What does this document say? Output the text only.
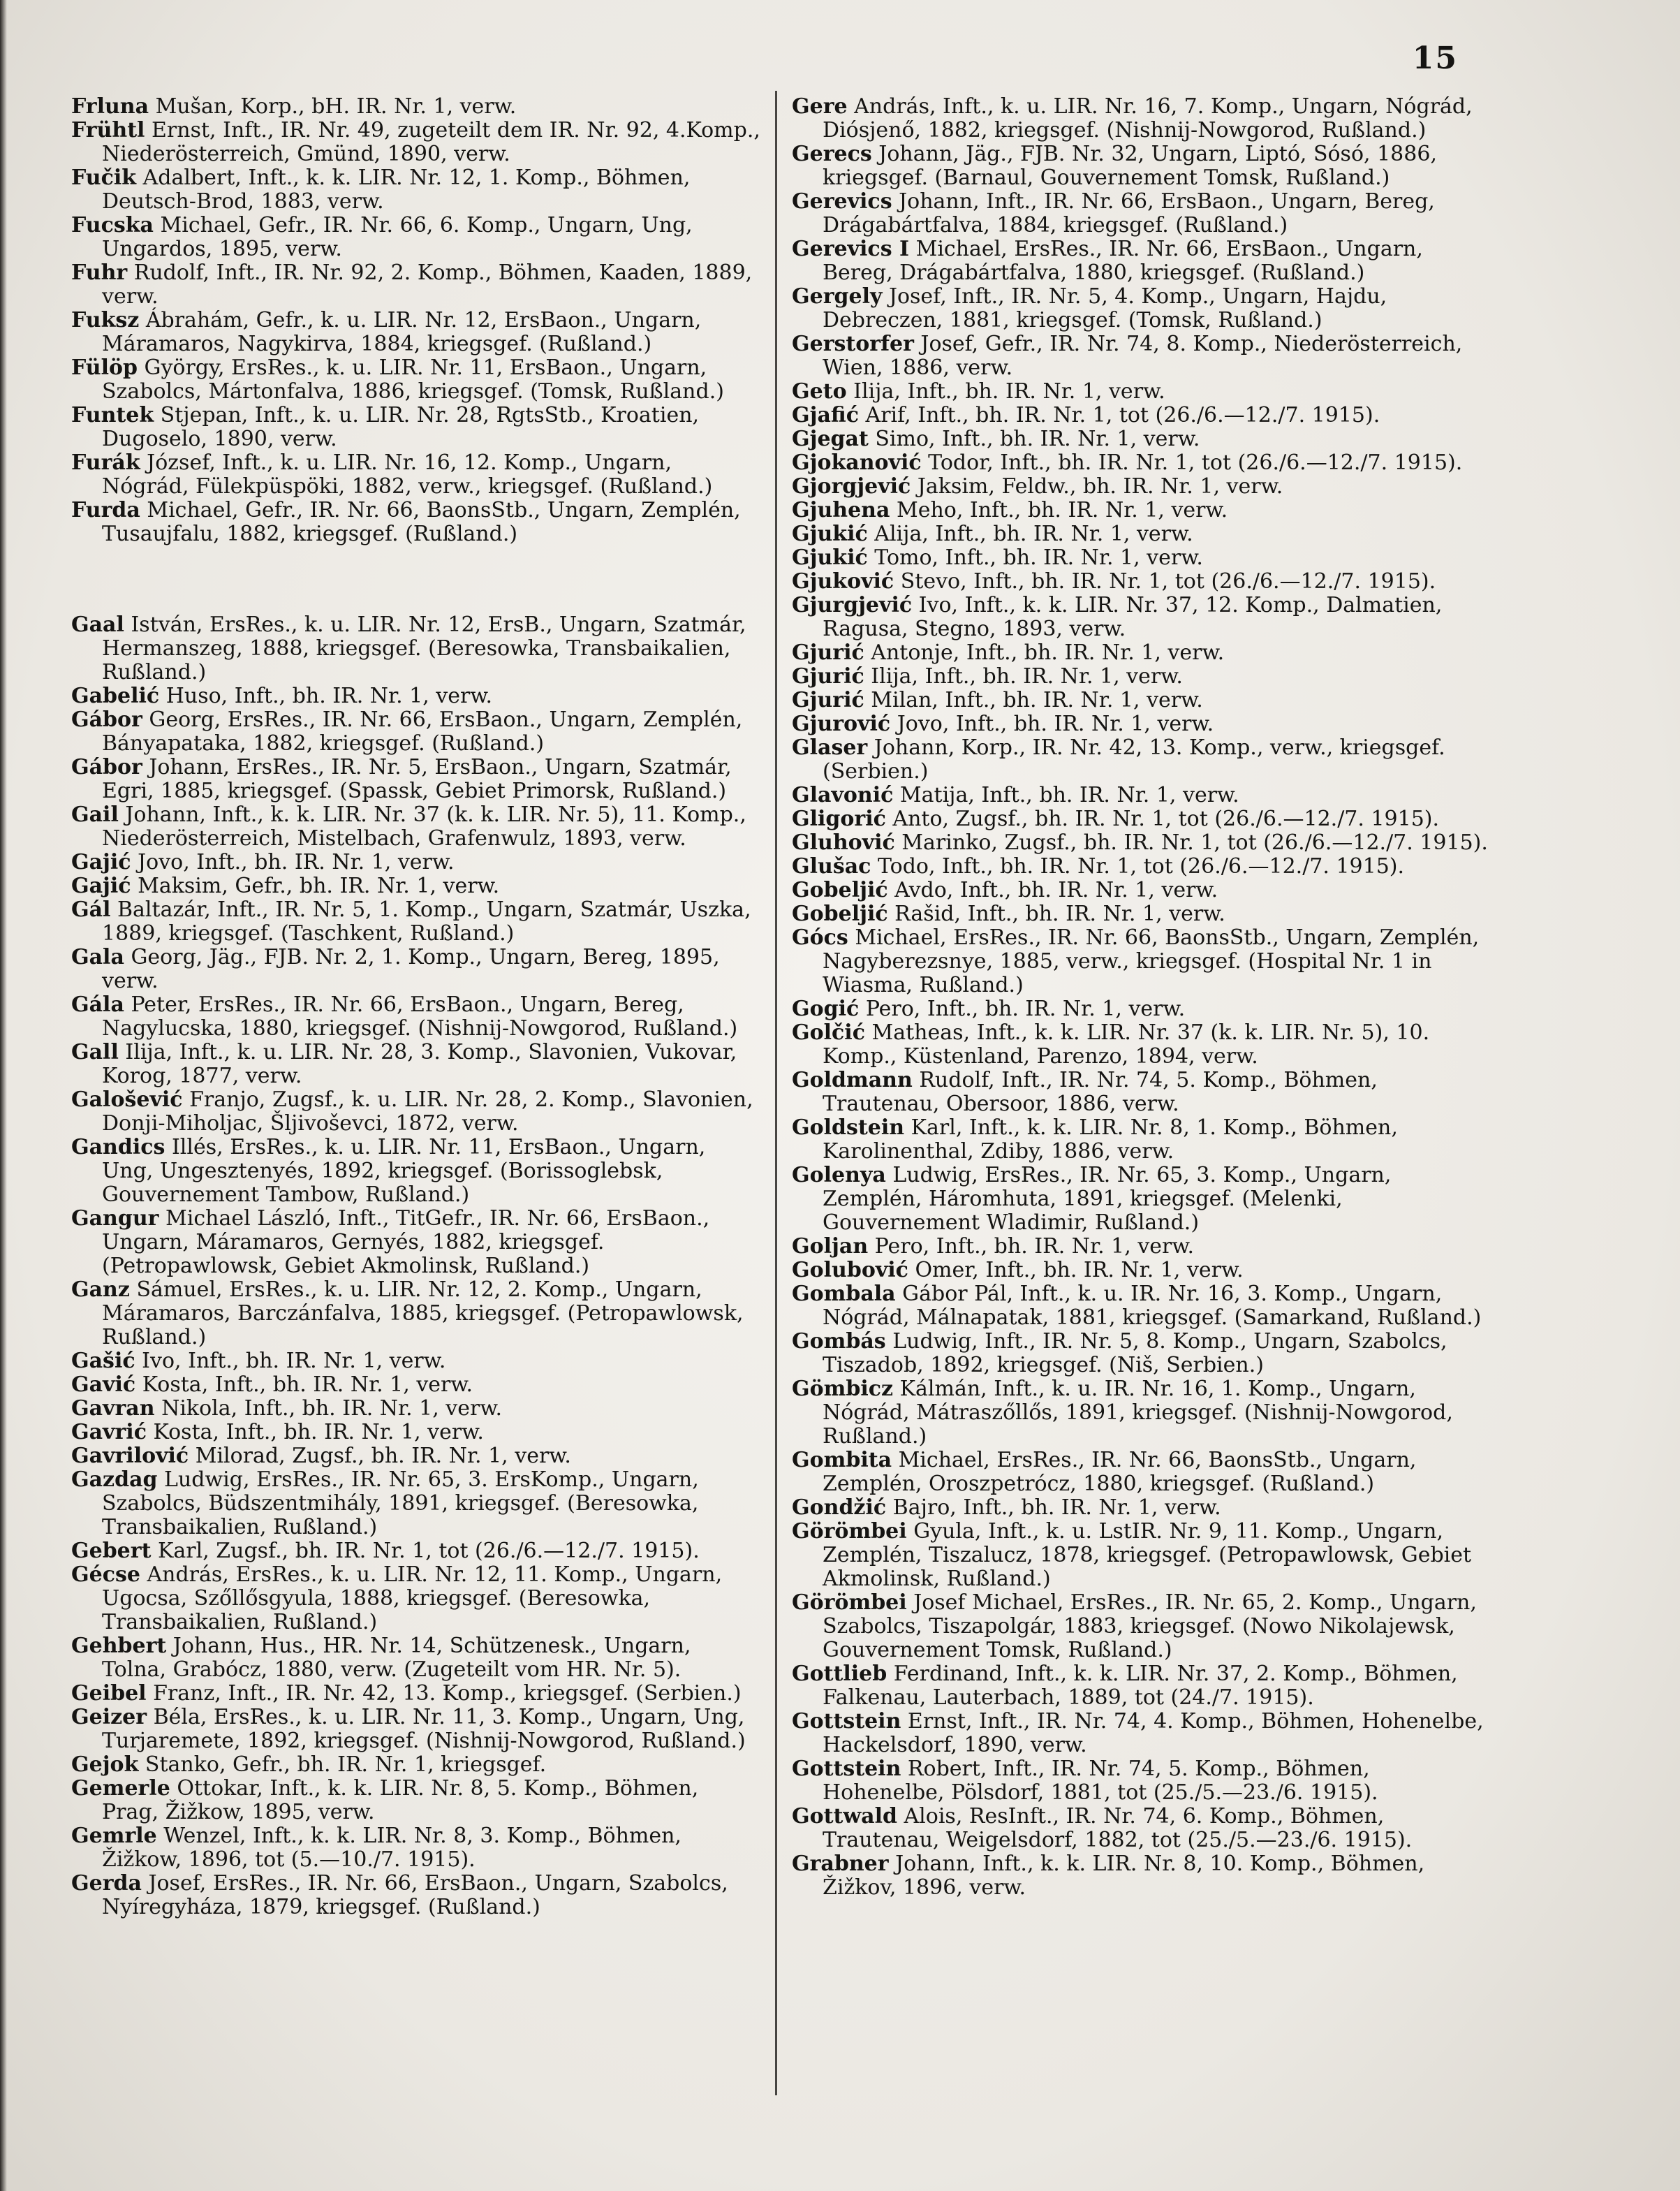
15
Frluna Mušan, Korp., bH. IR. Nr. 1, verw.
Frühtl Ernst, Inft., IR. Nr. 49, zugeteilt dem IR. Nr. 92, 4.Komp., Niederösterreich, Gmünd, 1890, verw.
Fučik Adalbert, Inft., k. k. LIR. Nr. 12, 1. Komp., Böhmen, Deutsch-Brod, 1883, verw.
Fucska Michael, Gefr., IR. Nr. 66, 6. Komp., Ungarn, Ung, Ungardos, 1895, verw.
Fuhr Rudolf, Inft., IR. Nr. 92, 2. Komp., Böhmen, Kaaden, 1889, verw.
Fuksz Ábrahám, Gefr., k. u. LIR. Nr. 12, ErsBaon., Ungarn, Máramaros, Nagykirva, 1884, kriegsgef. (Rußland.)
Fülöp György, ErsRes., k. u. LIR. Nr. 11, ErsBaon., Ungarn, Szabolcs, Mártonfalva, 1886, kriegsgef. (Tomsk, Rußland.)
Funtek Stjepan, Inft., k. u. LIR. Nr. 28, RgtsStb., Kroatien, Dugoselo, 1890, verw.
Furák József, Inft., k. u. LIR. Nr. 16, 12. Komp., Ungarn, Nógrád, Fülekpüspöki, 1882, verw., kriegsgef. (Rußland.)
Furda Michael, Gefr., IR. Nr. 66, BaonsStb., Ungarn, Zemplén, Tusaujfalu, 1882, kriegsgef. (Rußland.)
Gaal István, ErsRes., k. u. LIR. Nr. 12, ErsB., Ungarn, Szatmár, Hermanszeg, 1888, kriegsgef. (Beresowka, Transbaikalien, Rußland.)
Gabelić Huso, Inft., bh. IR. Nr. 1, verw.
Gábor Georg, ErsRes., IR. Nr. 66, ErsBaon., Ungarn, Zemplén, Bányapataka, 1882, kriegsgef. (Rußland.)
Gábor Johann, ErsRes., IR. Nr. 5, ErsBaon., Ungarn, Szatmár, Egri, 1885, kriegsgef. (Spassk, Gebiet Primorsk, Rußland.)
Gail Johann, Inft., k. k. LIR. Nr. 37 (k. k. LIR. Nr. 5), 11. Komp., Niederösterreich, Mistelbach, Grafenwulz, 1893, verw.
Gajić Jovo, Inft., bh. IR. Nr. 1, verw.
Gajić Maksim, Gefr., bh. IR. Nr. 1, verw.
Gál Baltazár, Inft., IR. Nr. 5, 1. Komp., Ungarn, Szatmár, Uszka, 1889, kriegsgef. (Taschkent, Rußland.)
Gala Georg, Jäg., FJB. Nr. 2, 1. Komp., Ungarn, Bereg, 1895, verw.
Gála Peter, ErsRes., IR. Nr. 66, ErsBaon., Ungarn, Bereg, Nagylucska, 1880, kriegsgef. (Nishnij-Nowgorod, Rußland.)
Gall Ilija, Inft., k. u. LIR. Nr. 28, 3. Komp., Slavonien, Vukovar, Korog, 1877, verw.
Galošević Franjo, Zugsf., k. u. LIR. Nr. 28, 2. Komp., Slavonien, Donji-Miholjac, Šljivoševci, 1872, verw.
Gandics Illés, ErsRes., k. u. LIR. Nr. 11, ErsBaon., Ungarn, Ung, Ungesztenyés, 1892, kriegsgef. (Borissoglebsk, Gouvernement Tambow, Rußland.)
Gangur Michael László, Inft., TitGefr., IR. Nr. 66, ErsBaon., Ungarn, Máramaros, Gernyés, 1882, kriegsgef. (Petropawlowsk, Gebiet Akmolinsk, Rußland.)
Ganz Sámuel, ErsRes., k. u. LIR. Nr. 12, 2. Komp., Ungarn, Máramaros, Barczánfalva, 1885, kriegsgef. (Petropawlowsk, Rußland.)
Gašić Ivo, Inft., bh. IR. Nr. 1, verw.
Gavić Kosta, Inft., bh. IR. Nr. 1, verw.
Gavran Nikola, Inft., bh. IR. Nr. 1, verw.
Gavrić Kosta, Inft., bh. IR. Nr. 1, verw.
Gavrilović Milorad, Zugsf., bh. IR. Nr. 1, verw.
Gazdag Ludwig, ErsRes., IR. Nr. 65, 3. ErsKomp., Ungarn, Szabolcs, Büdszentmihály, 1891, kriegsgef. (Beresowka, Transbaikalien, Rußland.)
Gebert Karl, Zugsf., bh. IR. Nr. 1, tot (26./6.—12./7. 1915).
Gécse András, ErsRes., k. u. LIR. Nr. 12, 11. Komp., Ungarn, Ugocsa, Szőllősgyula, 1888, kriegsgef. (Beresowka, Transbaikalien, Rußland.)
Gehbert Johann, Hus., HR. Nr. 14, Schützenesk., Ungarn, Tolna, Grabócz, 1880, verw. (Zugeteilt vom HR. Nr. 5).
Geibel Franz, Inft., IR. Nr. 42, 13. Komp., kriegsgef. (Serbien.)
Geizer Béla, ErsRes., k. u. LIR. Nr. 11, 3. Komp., Ungarn, Ung, Turjaremete, 1892, kriegsgef. (Nishnij-Nowgorod, Rußland.)
Gejok Stanko, Gefr., bh. IR. Nr. 1, kriegsgef.
Gemerle Ottokar, Inft., k. k. LIR. Nr. 8, 5. Komp., Böhmen, Prag, Žižkow, 1895, verw.
Gemrle Wenzel, Inft., k. k. LIR. Nr. 8, 3. Komp., Böhmen, Žižkow, 1896, tot (5.—10./7. 1915).
Gerda Josef, ErsRes., IR. Nr. 66, ErsBaon., Ungarn, Szabolcs, Nyíregyháza, 1879, kriegsgef. (Rußland.)
Gere András, Inft., k. u. LIR. Nr. 16, 7. Komp., Ungarn, Nógrád, Diósjenő, 1882, kriegsgef. (Nishnij-Nowgorod, Rußland.)
Gerecs Johann, Jäg., FJB. Nr. 32, Ungarn, Liptó, Sósó, 1886, kriegsgef. (Barnaul, Gouvernement Tomsk, Rußland.)
Gerevics Johann, Inft., IR. Nr. 66, ErsBaon., Ungarn, Bereg, Drágabártfalva, 1884, kriegsgef. (Rußland.)
Gerevics I Michael, ErsRes., IR. Nr. 66, ErsBaon., Ungarn, Bereg, Drágabártfalva, 1880, kriegsgef. (Rußland.)
Gergely Josef, Inft., IR. Nr. 5, 4. Komp., Ungarn, Hajdu, Debreczen, 1881, kriegsgef. (Tomsk, Rußland.)
Gerstorfer Josef, Gefr., IR. Nr. 74, 8. Komp., Niederösterreich, Wien, 1886, verw.
Geto Ilija, Inft., bh. IR. Nr. 1, verw.
Gjafić Arif, Inft., bh. IR. Nr. 1, tot (26./6.—12./7. 1915).
Gjegat Simo, Inft., bh. IR. Nr. 1, verw.
Gjokanović Todor, Inft., bh. IR. Nr. 1, tot (26./6.—12./7. 1915).
Gjorgjević Jaksim, Feldw., bh. IR. Nr. 1, verw.
Gjuhena Meho, Inft., bh. IR. Nr. 1, verw.
Gjukić Alija, Inft., bh. IR. Nr. 1, verw.
Gjukić Tomo, Inft., bh. IR. Nr. 1, verw.
Gjuković Stevo, Inft., bh. IR. Nr. 1, tot (26./6.—12./7. 1915).
Gjurgjević Ivo, Inft., k. k. LIR. Nr. 37, 12. Komp., Dalmatien, Ragusa, Stegno, 1893, verw.
Gjurić Antonje, Inft., bh. IR. Nr. 1, verw.
Gjurić Ilija, Inft., bh. IR. Nr. 1, verw.
Gjurić Milan, Inft., bh. IR. Nr. 1, verw.
Gjurović Jovo, Inft., bh. IR. Nr. 1, verw.
Glaser Johann, Korp., IR. Nr. 42, 13. Komp., verw., kriegsgef. (Serbien.)
Glavonić Matija, Inft., bh. IR. Nr. 1, verw.
Gligorić Anto, Zugsf., bh. IR. Nr. 1, tot (26./6.—12./7. 1915).
Gluhović Marinko, Zugsf., bh. IR. Nr. 1, tot (26./6.—12./7. 1915).
Glušac Todo, Inft., bh. IR. Nr. 1, tot (26./6.—12./7. 1915).
Gobeljić Avdo, Inft., bh. IR. Nr. 1, verw.
Gobeljić Rašid, Inft., bh. IR. Nr. 1, verw.
Gócs Michael, ErsRes., IR. Nr. 66, BaonsStb., Ungarn, Zemplén, Nagyberezsnye, 1885, verw., kriegsgef. (Hospital Nr. 1 in Wiasma, Rußland.)
Gogić Pero, Inft., bh. IR. Nr. 1, verw.
Golčić Matheas, Inft., k. k. LIR. Nr. 37 (k. k. LIR. Nr. 5), 10. Komp., Küstenland, Parenzo, 1894, verw.
Goldmann Rudolf, Inft., IR. Nr. 74, 5. Komp., Böhmen, Trautenau, Obersoor, 1886, verw.
Goldstein Karl, Inft., k. k. LIR. Nr. 8, 1. Komp., Böhmen, Karolinenthal, Zdiby, 1886, verw.
Golenya Ludwig, ErsRes., IR. Nr. 65, 3. Komp., Ungarn, Zemplén, Háromhuta, 1891, kriegsgef. (Melenki, Gouvernement Wladimir, Rußland.)
Goljan Pero, Inft., bh. IR. Nr. 1, verw.
Golubović Omer, Inft., bh. IR. Nr. 1, verw.
Gombala Gábor Pál, Inft., k. u. IR. Nr. 16, 3. Komp., Ungarn, Nógrád, Málnapatak, 1881, kriegsgef. (Samarkand, Rußland.)
Gombás Ludwig, Inft., IR. Nr. 5, 8. Komp., Ungarn, Szabolcs, Tiszadob, 1892, kriegsgef. (Niš, Serbien.)
Gömbicz Kálmán, Inft., k. u. IR. Nr. 16, 1. Komp., Ungarn, Nógrád, Mátraszőllős, 1891, kriegsgef. (Nishnij-Nowgorod, Rußland.)
Gombita Michael, ErsRes., IR. Nr. 66, BaonsStb., Ungarn, Zemplén, Oroszpetrócz, 1880, kriegsgef. (Rußland.)
Gondžić Bajro, Inft., bh. IR. Nr. 1, verw.
Görömbei Gyula, Inft., k. u. LstIR. Nr. 9, 11. Komp., Ungarn, Zemplén, Tiszalucz, 1878, kriegsgef. (Petropawlowsk, Gebiet Akmolinsk, Rußland.)
Görömbei Josef Michael, ErsRes., IR. Nr. 65, 2. Komp., Ungarn, Szabolcs, Tiszapolgár, 1883, kriegsgef. (Nowo Nikolajewsk, Gouvernement Tomsk, Rußland.)
Gottlieb Ferdinand, Inft., k. k. LIR. Nr. 37, 2. Komp., Böhmen, Falkenau, Lauterbach, 1889, tot (24./7. 1915).
Gottstein Ernst, Inft., IR. Nr. 74, 4. Komp., Böhmen, Hohenelbe, Hackelsdorf, 1890, verw.
Gottstein Robert, Inft., IR. Nr. 74, 5. Komp., Böhmen, Hohenelbe, Pölsdorf, 1881, tot (25./5.—23./6. 1915).
Gottwald Alois, ResInft., IR. Nr. 74, 6. Komp., Böhmen, Trautenau, Weigelsdorf, 1882, tot (25./5.—23./6. 1915).
Grabner Johann, Inft., k. k. LIR. Nr. 8, 10. Komp., Böhmen, Žižkov, 1896, verw.
